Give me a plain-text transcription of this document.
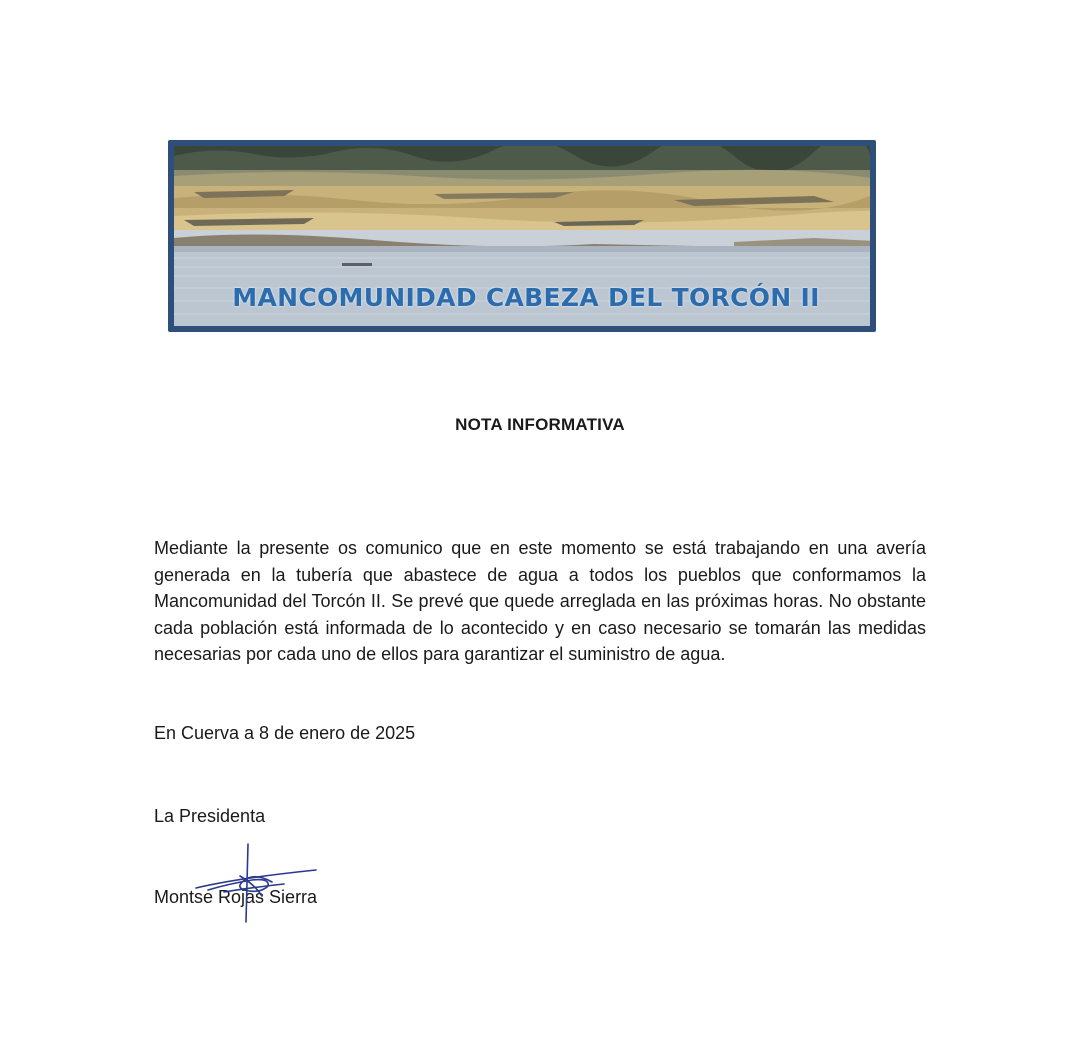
MANCOMUNIDAD CABEZA DEL TORCÓN II
NOTA INFORMATIVA

Mediante la presente os comunico que en este momento se está trabajando en una avería generada en la tubería que abastece de agua a todos los pueblos que conformamos la Mancomunidad del Torcón II. Se prevé que quede arreglada en las próximas horas. No obstante cada población está informada de lo acontecido y en caso necesario se tomarán las medidas necesarias por cada uno de ellos para garantizar el suministro de agua.

En Cuerva a 8 de enero de 2025
La Presidenta
Montse Rojas Sierra
